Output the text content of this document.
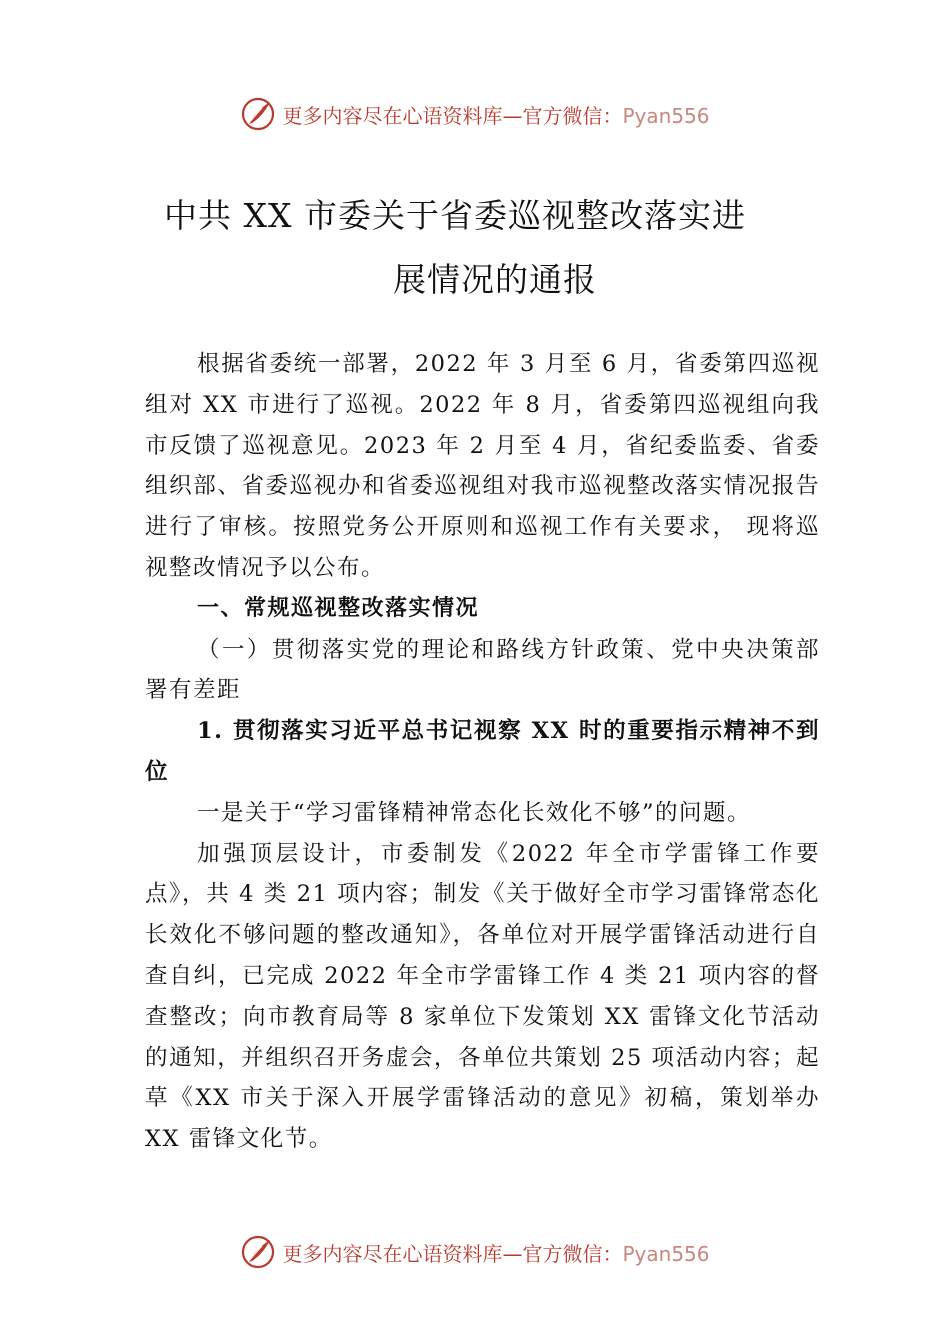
更多内容尽在心语资料库—官方微信：Pyan556
中共 XX 市委关于省委巡视整改落实进
展情况的通报

根据省委统一部署，2022 年 3 月至 6 月，省委第四巡视组对 XX 市进行了巡视。2022 年 8 月，省委第四巡视组向我市反馈了巡视意见。2023 年 2 月至 4 月，省纪委监委、省委组织部、省委巡视办和省委巡视组对我市巡视整改落实情况报告进行了审核。按照党务公开原则和巡视工作有关要求， 现将巡视整改情况予以公布。

一、常规巡视整改落实情况

（一）贯彻落实党的理论和路线方针政策、党中央决策部署有差距

1. 贯彻落实习近平总书记视察 XX 时的重要指示精神不到位

一是关于“学习雷锋精神常态化长效化不够”的问题。

加强顶层设计，市委制发《2022 年全市学雷锋工作要点》，共 4 类 21 项内容；制发《关于做好全市学习雷锋常态化长效化不够问题的整改通知》，各单位对开展学雷锋活动进行自查自纠，已完成 2022 年全市学雷锋工作 4 类 21 项内容的督查整改；向市教育局等 8 家单位下发策划 XX 雷锋文化节活动的通知，并组织召开务虚会，各单位共策划 25 项活动内容；起草《XX 市关于深入开展学雷锋活动的意见》初稿，策划举办 XX 雷锋文化节。

更多内容尽在心语资料库—官方微信：Pyan556
